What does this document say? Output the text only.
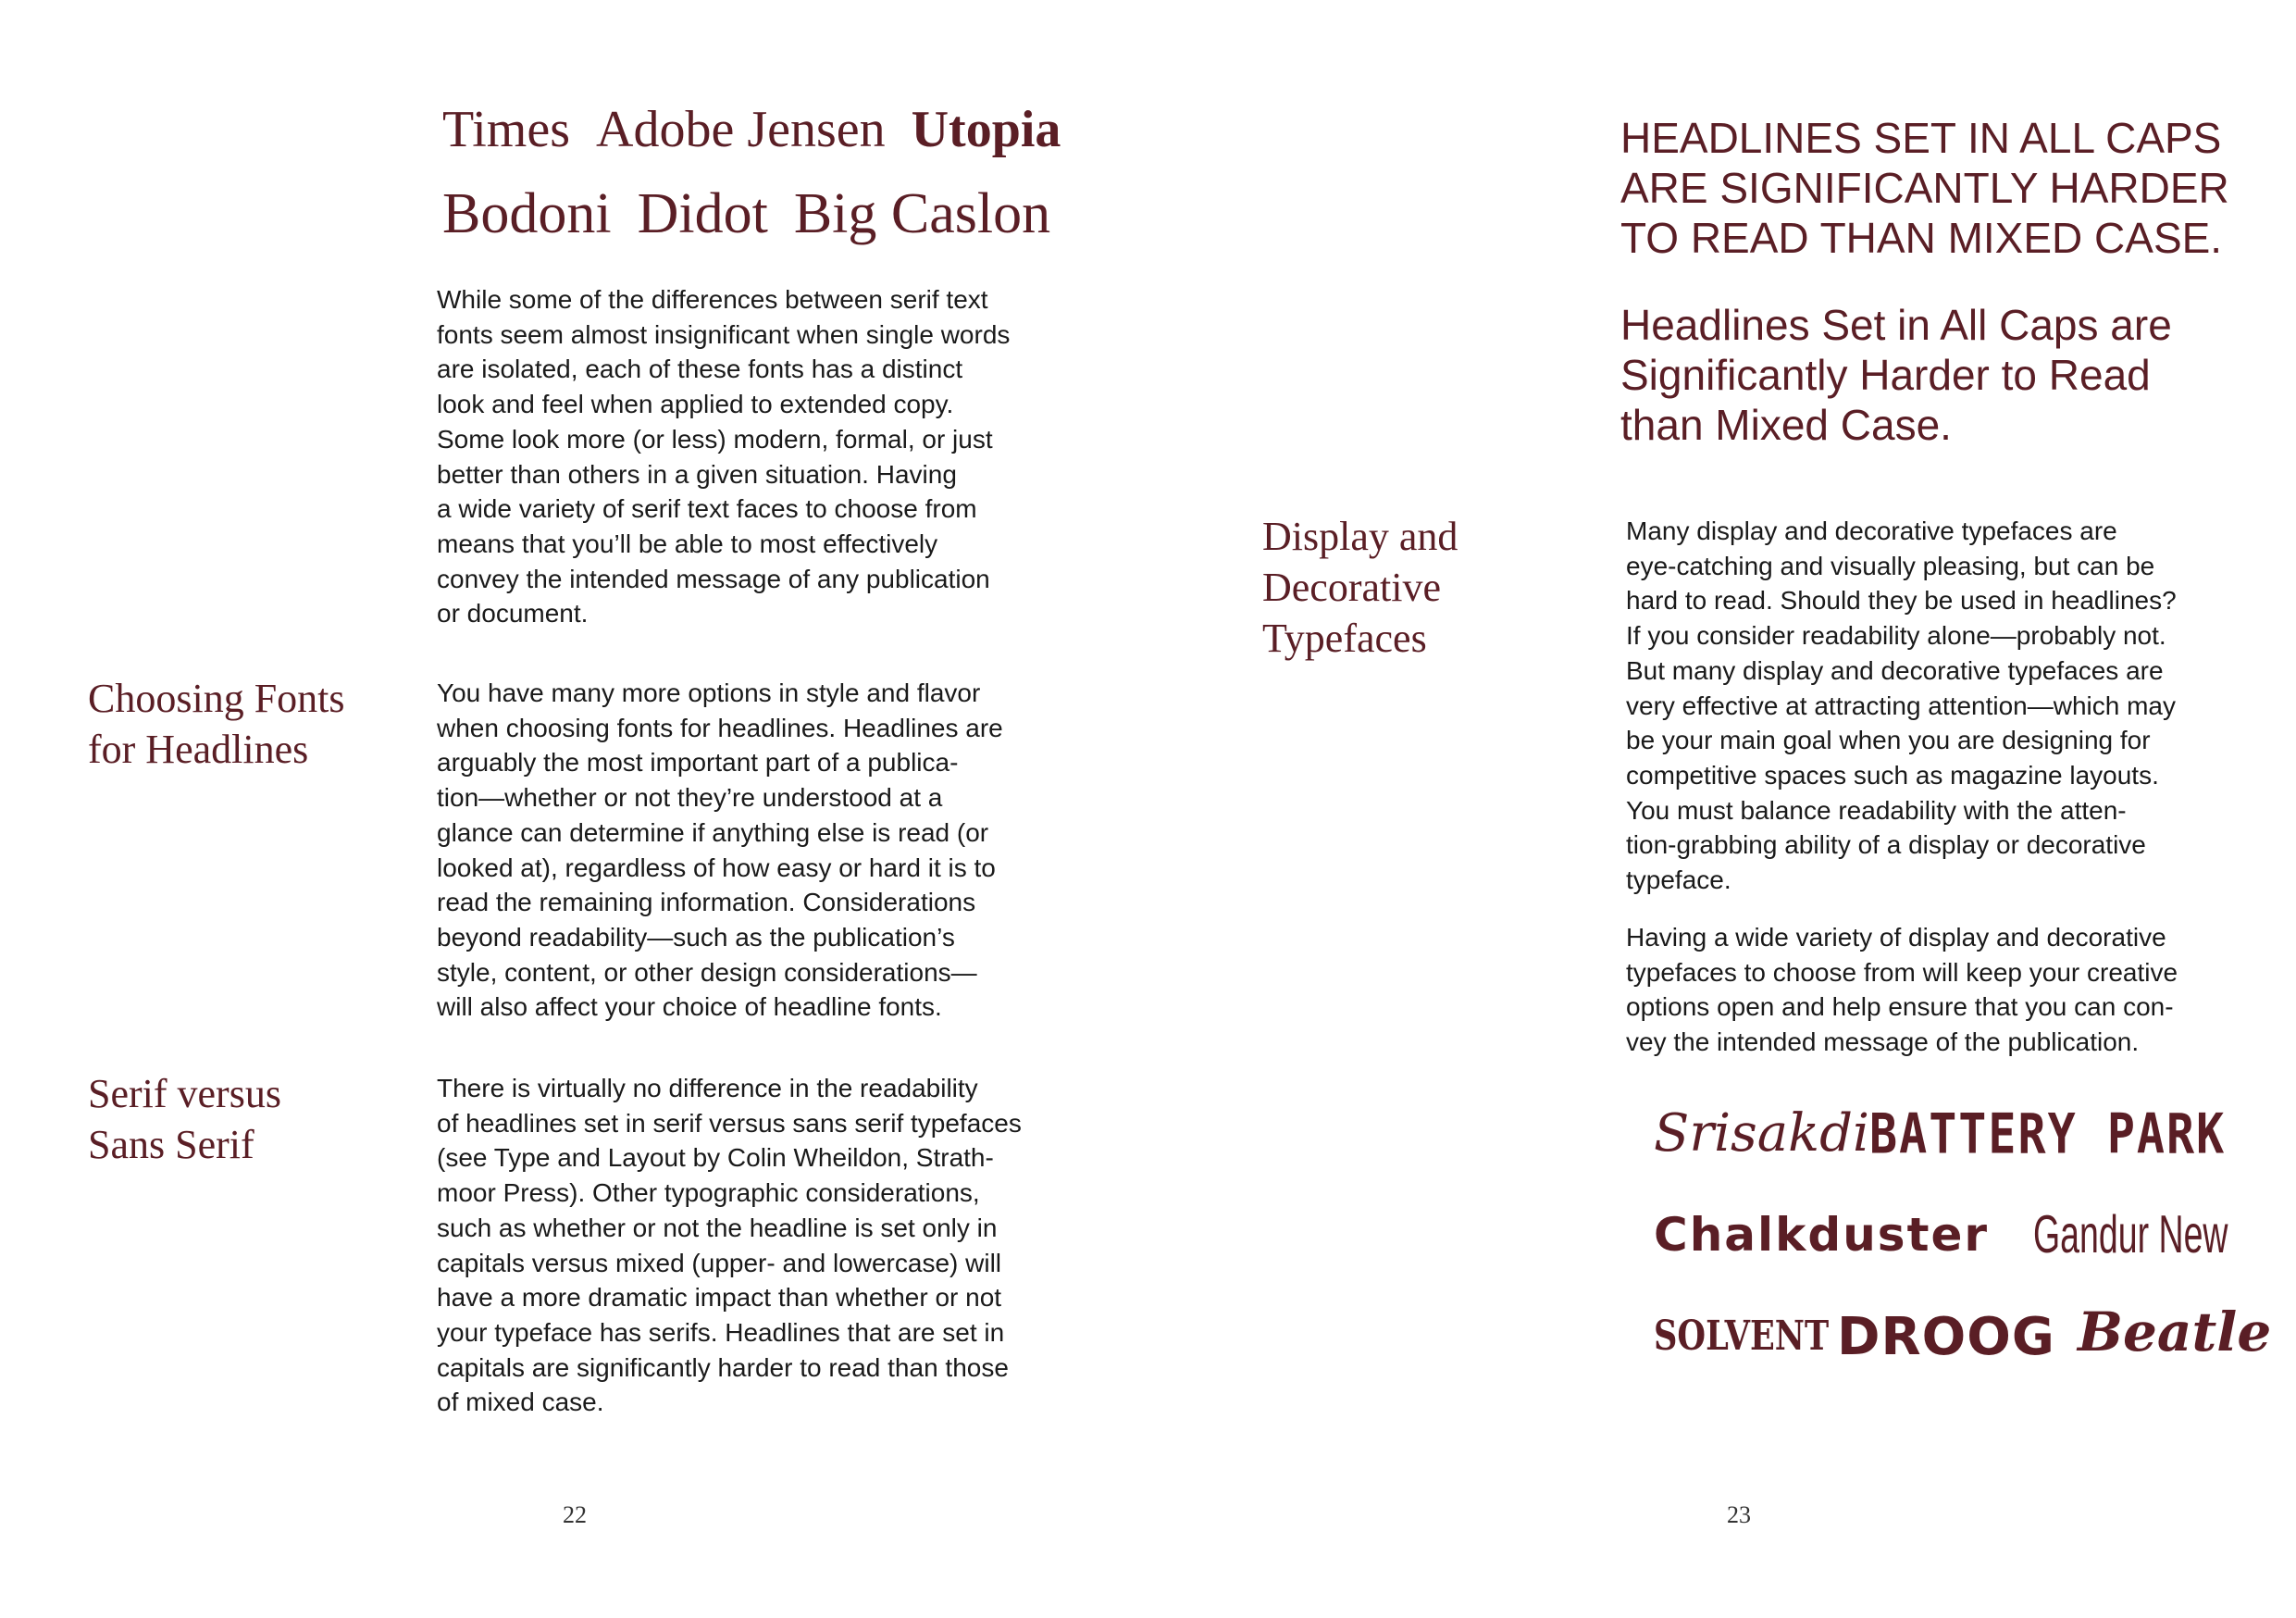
Times Adobe Jensen Utopia
Bodoni Didot Big Caslon
While some of the differences between serif text
fonts seem almost insignificant when single words
are isolated, each of these fonts has a distinct
look and feel when applied to extended copy.
Some look more (or less) modern, formal, or just
better than others in a given situation. Having
a wide variety of serif text faces to choose from
means that you’ll be able to most effectively
convey the intended message of any publication
or document.
Choosing Fonts
for Headlines
You have many more options in style and flavor
when choosing fonts for headlines. Headlines are
arguably the most important part of a publica-
tion—whether or not they’re understood at a
glance can determine if anything else is read (or
looked at), regardless of how easy or hard it is to
read the remaining information. Considerations
beyond readability—such as the publication’s
style, content, or other design considerations—
will also affect your choice of headline fonts.
Serif versus
Sans Serif
There is virtually no difference in the readability
of headlines set in serif versus sans serif typefaces
(see Type and Layout by Colin Wheildon, Strath-
moor Press). Other typographic considerations,
such as whether or not the headline is set only in
capitals versus mixed (upper- and lowercase) will
have a more dramatic impact than whether or not
your typeface has serifs. Headlines that are set in
capitals are significantly harder to read than those
of mixed case.
22
HEADLINES SET IN ALL CAPS
ARE SIGNIFICANTLY HARDER
TO READ THAN MIXED CASE.
Headlines Set in All Caps are
Significantly Harder to Read
than Mixed Case.
Display and
Decorative
Typefaces
Many display and decorative typefaces are
eye-catching and visually pleasing, but can be
hard to read. Should they be used in headlines?
If you consider readability alone—probably not.
But many display and decorative typefaces are
very effective at attracting attention—which may
be your main goal when you are designing for
competitive spaces such as magazine layouts.
You must balance readability with the atten-
tion-grabbing ability of a display or decorative
typeface.
Having a wide variety of display and decorative
typefaces to choose from will keep your creative
options open and help ensure that you can con-
vey the intended message of the publication.
Srisakdi BATTERY PARK
Chalkduster Gandur New
SOLVENT DROOG Beatle
23
